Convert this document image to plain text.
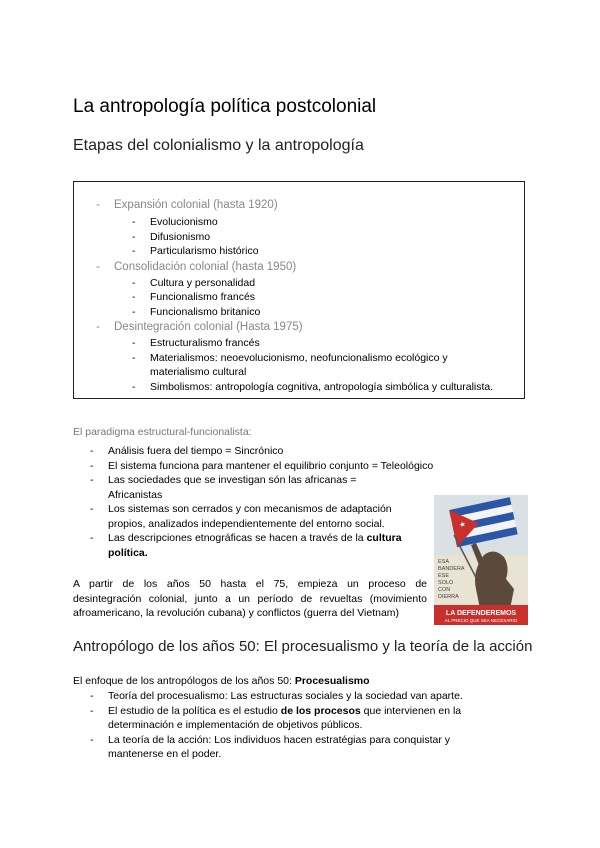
La antropología política postcolonial
Etapas del colonialismo y la antropología
- Expansión colonial (hasta 1920)
- Evolucionismo
- Difusionismo
- Particularismo histórico
- Consolidación colonial (hasta 1950)
- Cultura y personalidad
- Funcionalismo francés
- Funcionalismo britanico
- Desintegración colonial (Hasta 1975)
- Estructuralismo francés
- Materialismos: neoevolucionismo, neofuncionalismo ecológico y
materialismo cultural
- Simbolismos: antropología cognitiva, antropología simbólica y culturalista.
El paradigma estructural-funcionalista:
- Análisis fuera del tiempo = Sincrónico
- El sistema funciona para mantener el equilibrio conjunto = Teleológico
- Las sociedades que se investigan són las africanas =
Africanistas
- Los sistemas son cerrados y con mecanismos de adaptación
propios, analizados independientemente del entorno social.
- Las descripciones etnográficas se hacen a través de la cultura
política.
A partir de los años 50 hasta el 75, empieza un proceso de
desintegración colonial, junto a un período de revueltas (movimiento
afroamericano, la revolución cubana) y conflictos (guerra del Vietnam)
ESA
BANDERA
ESE
SOLO
CON
DIERRA
LA DEFENDEREMOS
AL PRECIO QUE SEA NECESARIO
Antropólogo de los años 50: El procesualismo y la teoría de la acción
El enfoque de los antropólogos de los años 50: Procesualismo
- Teoría del procesualismo: Las estructuras sociales y la sociedad van aparte.
- El estudio de la política es el estudio de los procesos que intervienen en la
determinación e implementación de objetivos públicos.
- La teoría de la acción: Los individuos hacen estratégias para conquistar y
mantenerse en el poder.
